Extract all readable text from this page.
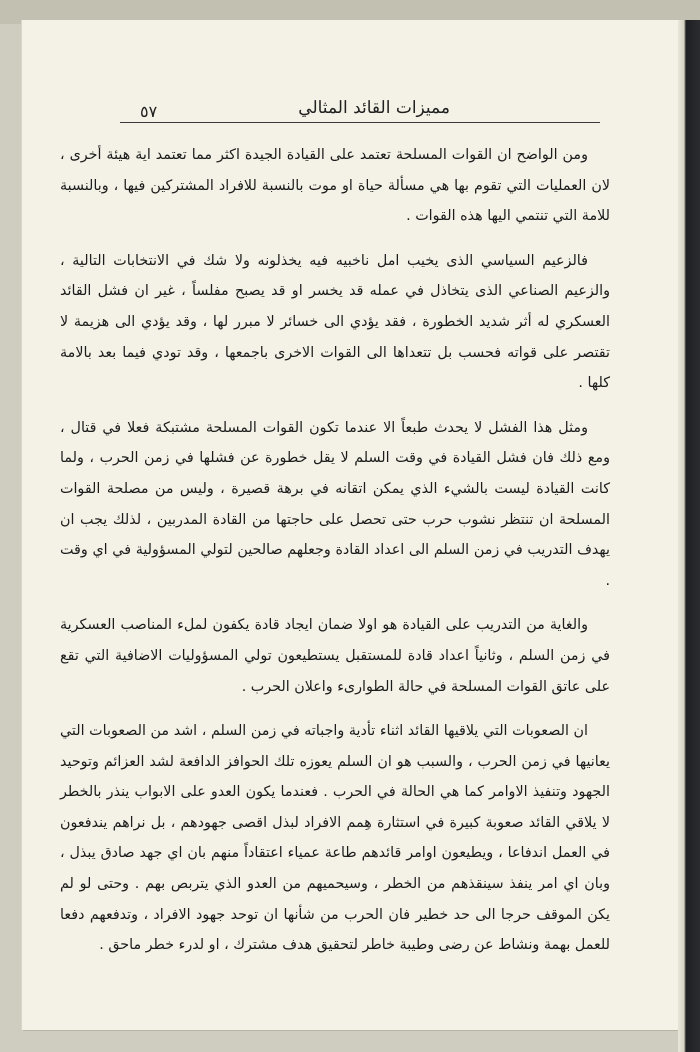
٥٧	مميزات القائد المثالي

ومن الواضح ان القوات المسلحة تعتمد على القيادة الجيدة اكثر مما تعتمد اية هيئة أخرى ، لان العمليات التي تقوم بها هي مسألة حياة او موت بالنسبة للافراد المشتركين فيها ، وبالنسبة للامة التي تنتمي اليها هذه القوات .

فالزعيم السياسي الذى يخيب امل ناخبيه فيه يخذلونه ولا شك في الانتخابات التالية ، والزعيم الصناعي الذى يتخاذل في عمله قد يخسر او قد يصبح مفلساً ، غير ان فشل القائد العسكري له أثر شديد الخطورة ، فقد يؤدي الى خسائر لا مبرر لها ، وقد يؤدي الى هزيمة لا تقتصر على قواته فحسب بل تتعداها الى القوات الاخرى باجمعها ، وقد تودي فيما بعد بالامة كلها .

ومثل هذا الفشل لا يحدث طبعاً الا عندما تكون القوات المسلحة مشتبكة فعلا في قتال ، ومع ذلك فان فشل القيادة في وقت السلم لا يقل خطورة عن فشلها في زمن الحرب ، ولما كانت القيادة ليست بالشيء الذي يمكن اتقانه في برهة قصيرة ، وليس من مصلحة القوات المسلحة ان تنتظر نشوب حرب حتى تحصل على حاجتها من القادة المدربين ، لذلك يجب ان يهدف التدريب في زمن السلم الى اعداد القادة وجعلهم صالحين لتولي المسؤولية في اي وقت .

والغاية من التدريب على القيادة هو اولا ضمان ايجاد قادة يكفون لملء المناصب العسكرية في زمن السلم ، وثانياً اعداد قادة للمستقبل يستطيعون تولي المسؤوليات الاضافية التي تقع على عاتق القوات المسلحة في حالة الطوارىء واعلان الحرب .

ان الصعوبات التي يلاقيها القائد اثناء تأدية واجباته في زمن السلم ، اشد من الصعوبات التي يعانيها في زمن الحرب ، والسبب هو ان السلم يعوزه تلك الحوافز الدافعة لشد العزائم وتوحيد الجهود وتنفيذ الاوامر كما هي الحالة في الحرب . فعندما يكون العدو على الابواب ينذر بالخطر لا يلاقي القائد صعوبة كبيرة في استثارة هِمم الافراد لبذل اقصى جهودهم ، بل نراهم يندفعون في العمل اندفاعا ، ويطيعون اوامر قائدهم طاعة عمياء اعتقاداً منهم بان اي جهد صادق يبذل ، وبان اي امر ينفذ سينقذهم من الخطر ، وسيحميهم من العدو الذي يتربص بهم . وحتى لو لم يكن الموقف حرجا الى حد خطير فان الحرب من شأنها ان توحد جهود الافراد ، وتدفعهم دفعا للعمل بهمة ونشاط عن رضى وطيبة خاطر لتحقيق هدف مشترك ، او لدرء خطر ماحق .
